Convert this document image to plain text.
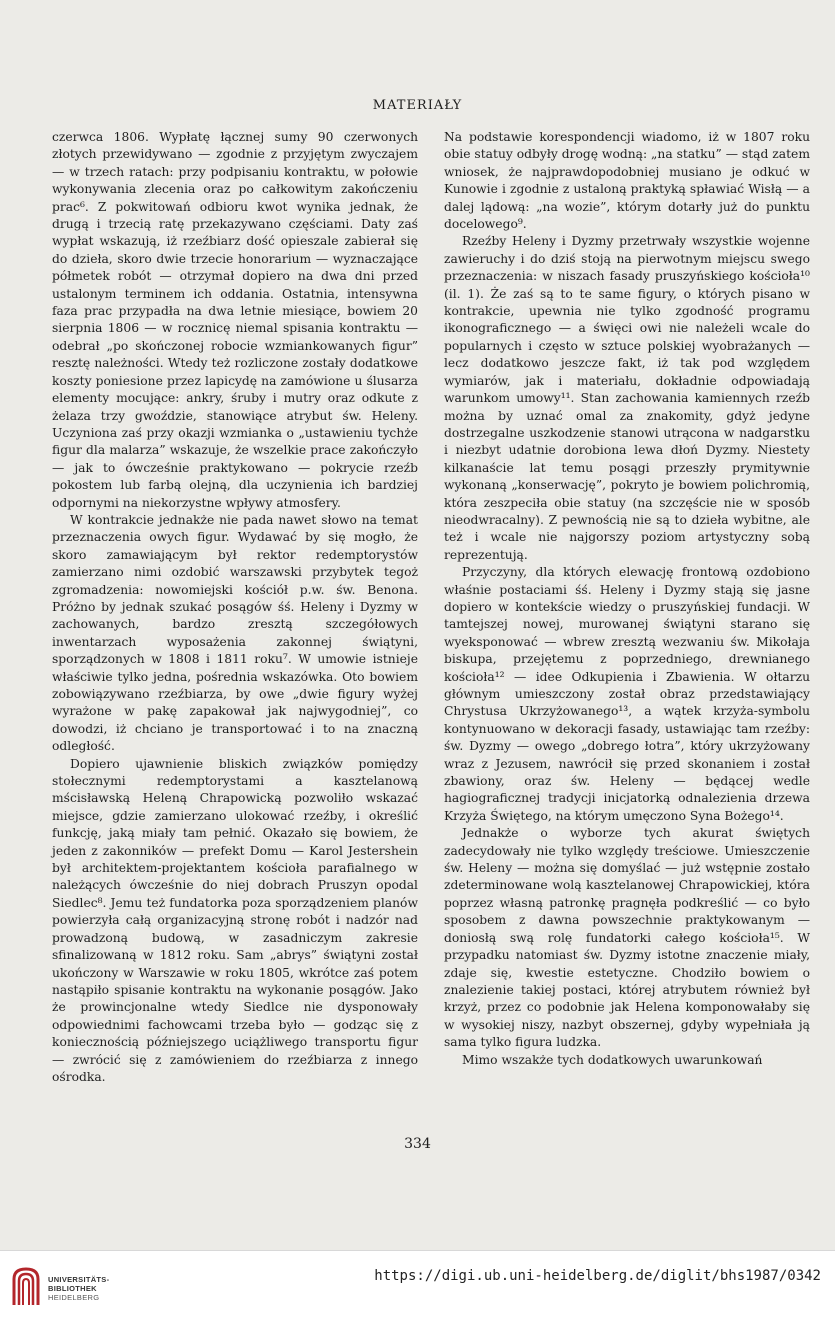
MATERIAŁY

czerwca 1806. Wypłatę łącznej sumy 90 czerwonych złotych przewidywano — zgodnie z przyjętym zwyczajem — w trzech ratach: przy podpisaniu kontraktu, w połowie wykonywania zlecenia oraz po całkowitym zakończeniu prac⁶. Z pokwitowań odbioru kwot wynika jednak, że drugą i trzecią ratę przekazywano częściami. Daty zaś wypłat wskazują, iż rzeźbiarz dość opieszale zabierał się do dzieła, skoro dwie trzecie honorarium — wyznaczające półmetek robót — otrzymał dopiero na dwa dni przed ustalonym terminem ich oddania. Ostatnia, intensywna faza prac przypadła na dwa letnie miesiące, bowiem 20 sierpnia 1806 — w rocznicę niemal spisania kontraktu — odebrał „po skończonej robocie wzmiankowanych figur” resztę należności. Wtedy też rozliczone zostały dodatkowe koszty poniesione przez lapicydę na zamówione u ślusarza elementy mocujące: ankry, śruby i mutry oraz odkute z żelaza trzy gwoździe, stanowiące atrybut św. Heleny. Uczyniona zaś przy okazji wzmianka o „ustawieniu tychże figur dla malarza” wskazuje, że wszelkie prace zakończyło — jak to ówcześnie praktykowano — pokrycie rzeźb pokostem lub farbą olejną, dla uczynienia ich bardziej odpornymi na niekorzystne wpływy atmosfery.

W kontrakcie jednakże nie pada nawet słowo na temat przeznaczenia owych figur. Wydawać by się mogło, że skoro zamawiającym był rektor redemptorystów zamierzano nimi ozdobić warszawski przybytek tegoż zgromadzenia: nowomiejski kościół p.w. św. Benona. Próżno by jednak szukać posągów śś. Heleny i Dyzmy w zachowanych, bardzo zresztą szczegółowych inwentarzach wyposażenia zakonnej świątyni, sporządzonych w 1808 i 1811 roku⁷. W umowie istnieje właściwie tylko jedna, pośrednia wskazówka. Oto bowiem zobowiązywano rzeźbiarza, by owe „dwie figury wyżej wyrażone w pakę zapakował jak najwygodniej”, co dowodzi, iż chciano je transportować i to na znaczną odległość.

Dopiero ujawnienie bliskich związków pomiędzy stołecznymi redemptorystami a kasztelanową mścisławską Heleną Chrapowicką pozwoliło wskazać miejsce, gdzie zamierzano ulokować rzeźby, i określić funkcję, jaką miały tam pełnić. Okazało się bowiem, że jeden z zakonników — prefekt Domu — Karol Jestershein był architektem-projektantem kościoła parafialnego w należących ówcześnie do niej dobrach Pruszyn opodal Siedlec⁸. Jemu też fundatorka poza sporządzeniem planów powierzyła całą organizacyjną stronę robót i nadzór nad prowadzoną budową, w zasadniczym zakresie sfinalizowaną w 1812 roku. Sam „abrys” świątyni został ukończony w Warszawie w roku 1805, wkrótce zaś potem nastąpiło spisanie kontraktu na wykonanie posągów. Jako że prowincjonalne wtedy Siedlce nie dysponowały odpowiednimi fachowcami trzeba było — godząc się z koniecznością późniejszego uciążliwego transportu figur — zwrócić się z zamówieniem do rzeźbiarza z innego ośrodka.

Na podstawie korespondencji wiadomo, iż w 1807 roku obie statuy odbyły drogę wodną: „na statku” — stąd zatem wniosek, że najprawdopodobniej musiano je odkuć w Kunowie i zgodnie z ustaloną praktyką spławiać Wisłą — a dalej lądową: „na wozie”, którym dotarły już do punktu docelowego⁹.

Rzeźby Heleny i Dyzmy przetrwały wszystkie wojenne zawieruchy i do dziś stoją na pierwotnym miejscu swego przeznaczenia: w niszach fasady pruszyńskiego kościoła¹⁰ (il. 1). Że zaś są to te same figury, o których pisano w kontrakcie, upewnia nie tylko zgodność programu ikonograficznego — a święci owi nie należeli wcale do popularnych i często w sztuce polskiej wyobrażanych — lecz dodatkowo jeszcze fakt, iż tak pod względem wymiarów, jak i materiału, dokładnie odpowiadają warunkom umowy¹¹. Stan zachowania kamiennych rzeźb można by uznać omal za znakomity, gdyż jedyne dostrzegalne uszkodzenie stanowi utrącona w nadgarstku i niezbyt udatnie dorobiona lewa dłoń Dyzmy. Niestety kilkanaście lat temu posągi przeszły prymitywnie wykonaną „konserwację”, pokryto je bowiem polichromią, która zeszpeciła obie statuy (na szczęście nie w sposób nieodwracalny). Z pewnością nie są to dzieła wybitne, ale też i wcale nie najgorszy poziom artystyczny sobą reprezentują.

Przyczyny, dla których elewację frontową ozdobiono właśnie postaciami śś. Heleny i Dyzmy stają się jasne dopiero w kontekście wiedzy o pruszyńskiej fundacji. W tamtejszej nowej, murowanej świątyni starano się wyeksponować — wbrew zresztą wezwaniu św. Mikołaja biskupa, przejętemu z poprzedniego, drewnianego kościoła¹² — idee Odkupienia i Zbawienia. W ołtarzu głównym umieszczony został obraz przedstawiający Chrystusa Ukrzyżowanego¹³, a wątek krzyża-symbolu kontynuowano w dekoracji fasady, ustawiając tam rzeźby: św. Dyzmy — owego „dobrego łotra”, który ukrzyżowany wraz z Jezusem, nawrócił się przed skonaniem i został zbawiony, oraz św. Heleny — będącej wedle hagiograficznej tradycji inicjatorką odnalezienia drzewa Krzyża Świętego, na którym umęczono Syna Bożego¹⁴.

Jednakże o wyborze tych akurat świętych zadecydowały nie tylko względy treściowe. Umieszczenie św. Heleny — można się domyślać — już wstępnie zostało zdeterminowane wolą kasztelanowej Chrapowickiej, która poprzez własną patronkę pragnęła podkreślić — co było sposobem z dawna powszechnie praktykowanym — doniosłą swą rolę fundatorki całego kościoła¹⁵. W przypadku natomiast św. Dyzmy istotne znaczenie miały, zdaje się, kwestie estetyczne. Chodziło bowiem o znalezienie takiej postaci, której atrybutem również był krzyż, przez co podobnie jak Helena komponowałaby się w wysokiej niszy, nazbyt obszernej, gdyby wypełniała ją sama tylko figura ludzka.

Mimo wszakże tych dodatkowych uwarunkowań

334
UNIVERSITÄTS-
BIBLIOTHEK
HEIDELBERG
https://digi.ub.uni-heidelberg.de/diglit/bhs1987/0342
